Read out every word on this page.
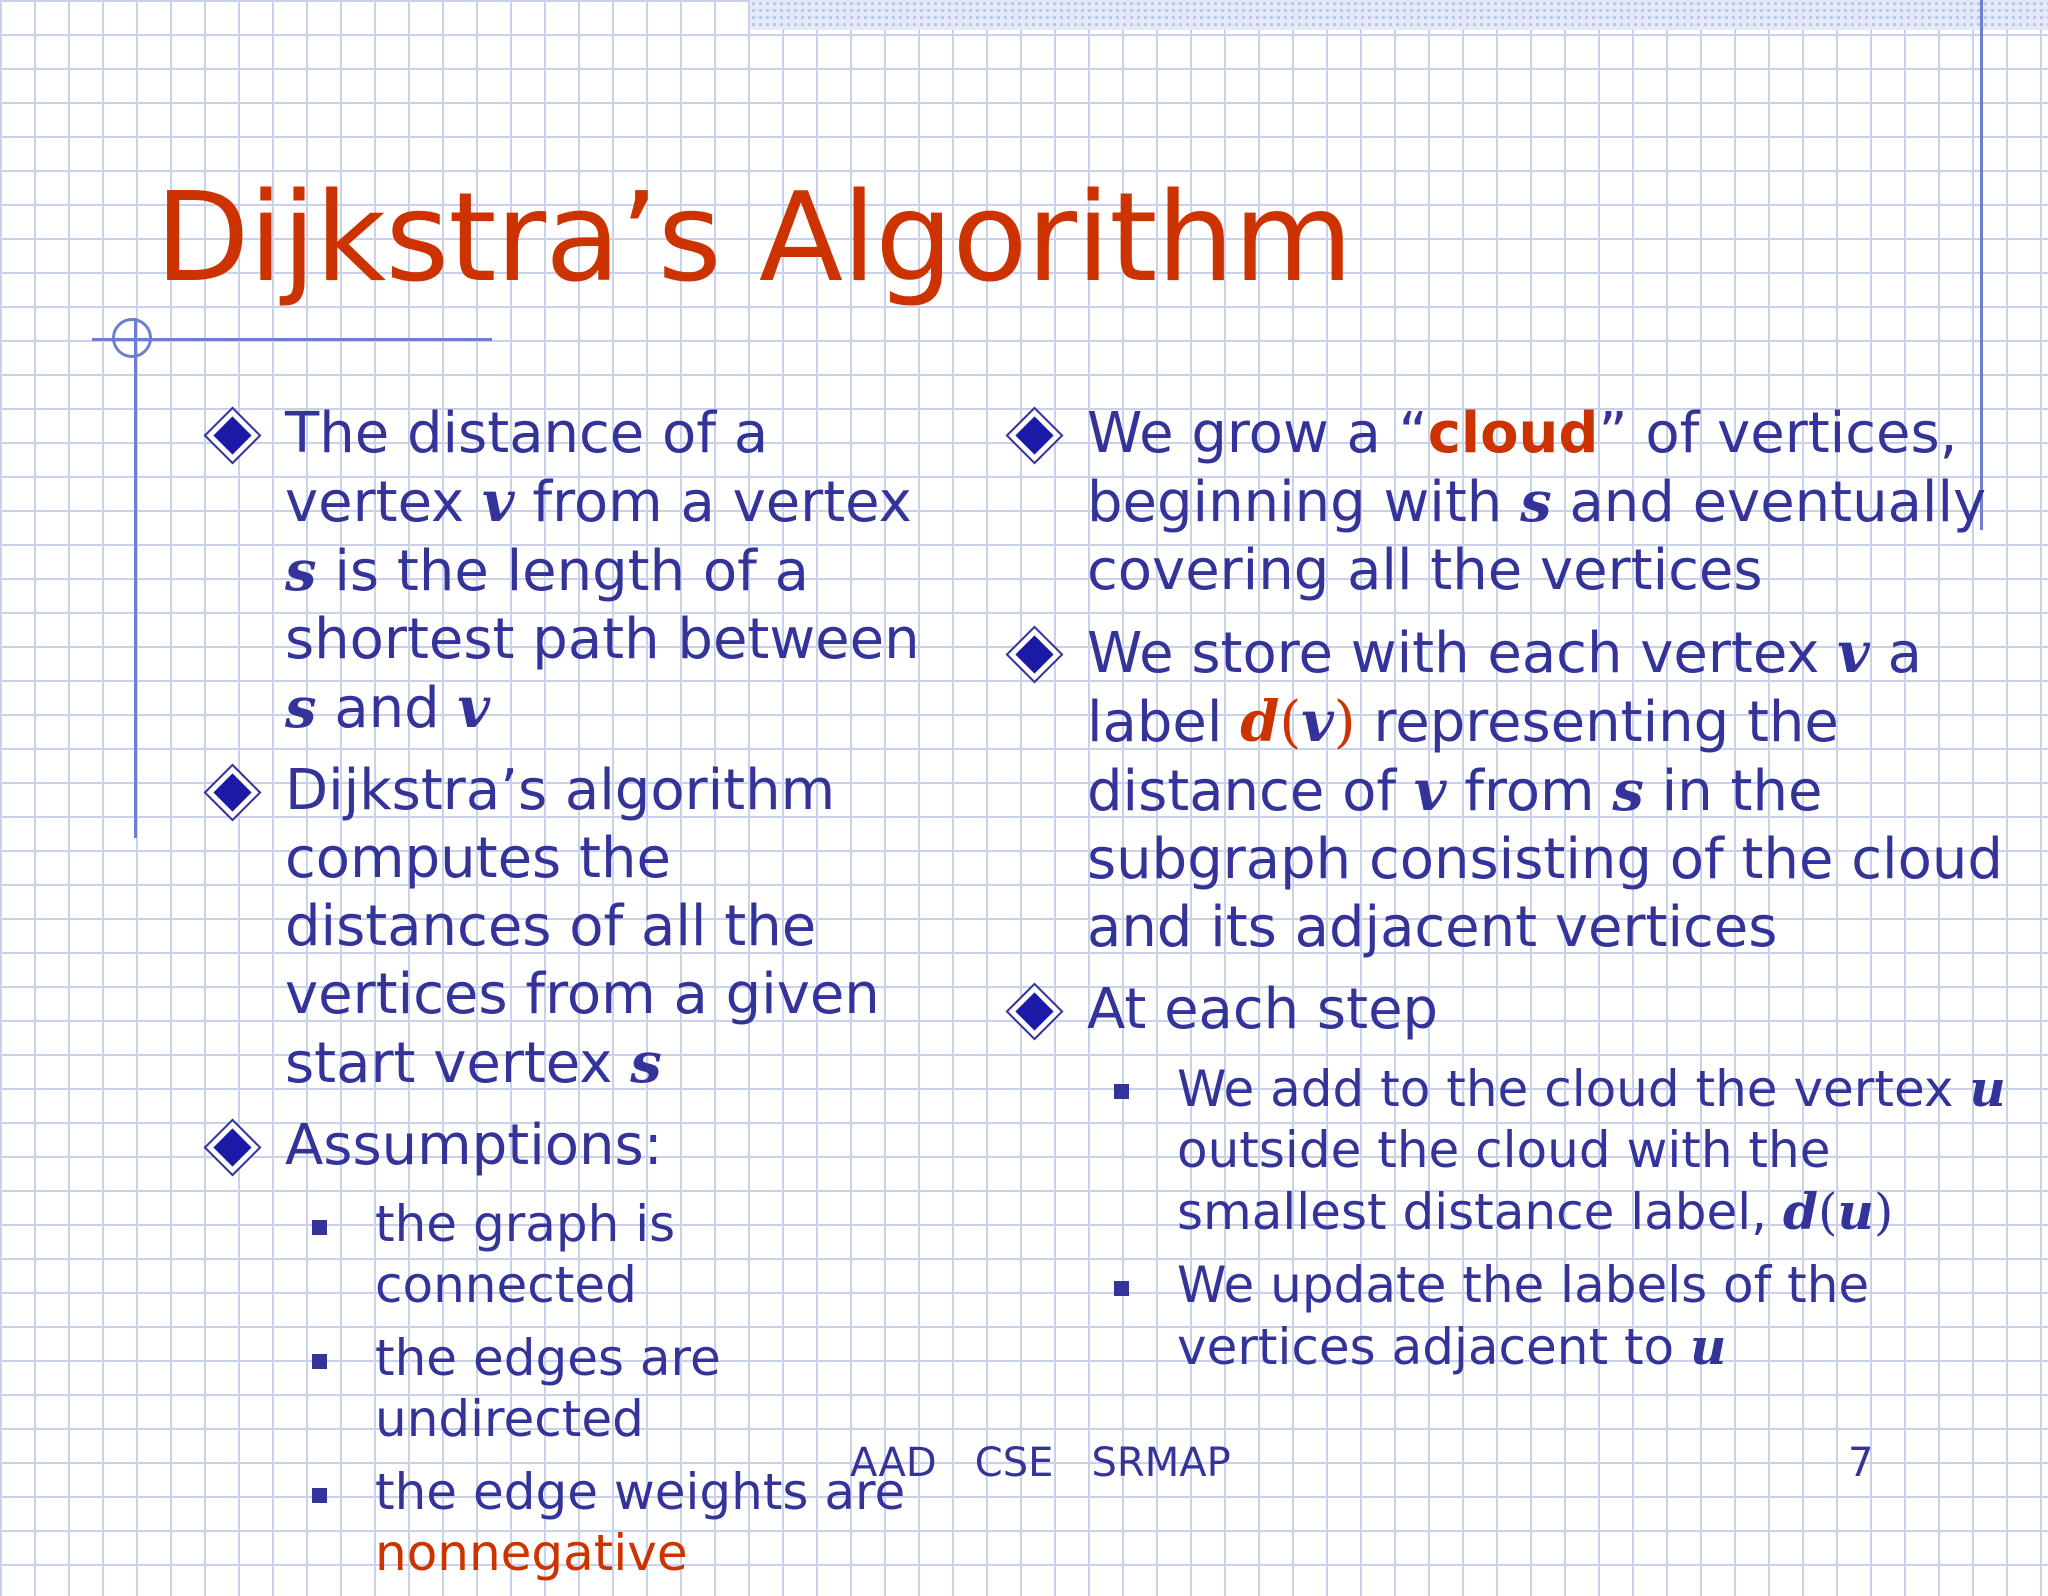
Dijkstra’s Algorithm
The distance of a vertex v from a vertex s is the length of a shortest path between s and v
Dijkstra’s algorithm computes the distances of all the vertices from a given start vertex s
Assumptions:
the graph is connected
the edges are undirected
the edge weights are nonnegative
We grow a “cloud” of vertices, beginning with s and eventually covering all the vertices
We store with each vertex v a label d(v) representing the distance of v from s in the subgraph consisting of the cloud and its adjacent vertices
At each step
We add to the cloud the vertex u outside the cloud with the smallest distance label, d(u)
We update the labels of the vertices adjacent to u
AAD   CSE   SRMAP	7
